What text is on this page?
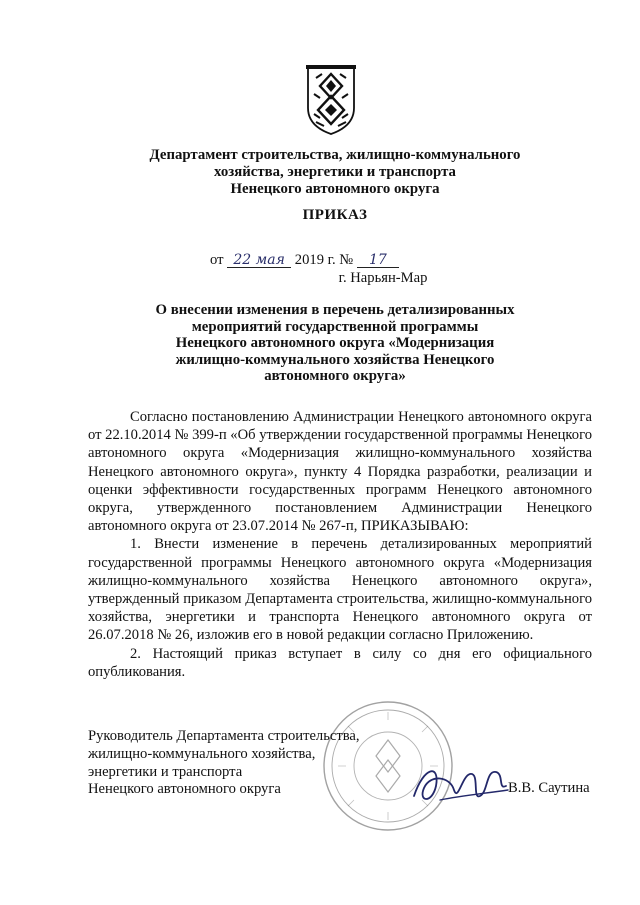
Департамент строительства, жилищно-коммунального
хозяйства, энергетики и транспорта
Ненецкого автономного округа
ПРИКАЗ
от 22 мая 2019 г. № 17
г. Нарьян-Мар
О внесении изменения в перечень детализированных
мероприятий государственной программы
Ненецкого автономного округа «Модернизация
жилищно-коммунального хозяйства Ненецкого
автономного округа»

Согласно постановлению Администрации Ненецкого автономного округа от 22.10.2014 № 399-п «Об утверждении государственной программы Ненецкого автономного округа «Модернизация жилищно-коммунального хозяйства Ненецкого автономного округа», пункту 4 Порядка разработки, реализации и оценки эффективности государственных программ Ненецкого автономного округа, утвержденного постановлением Администрации Ненецкого автономного округа от 23.07.2014 № 267-п, ПРИКАЗЫВАЮ:

1. Внести изменение в перечень детализированных мероприятий государственной программы Ненецкого автономного округа «Модернизация жилищно-коммунального хозяйства Ненецкого автономного округа», утвержденный приказом Департамента строительства, жилищно-коммунального хозяйства, энергетики и транспорта Ненецкого автономного округа от 26.07.2018 № 26, изложив его в новой редакции согласно Приложению.

2. Настоящий приказ вступает в силу со дня его официального опубликования.

Руководитель Департамента строительства,
жилищно-коммунального хозяйства,
энергетики и транспорта
Ненецкого автономного округа	В.В. Саутина
